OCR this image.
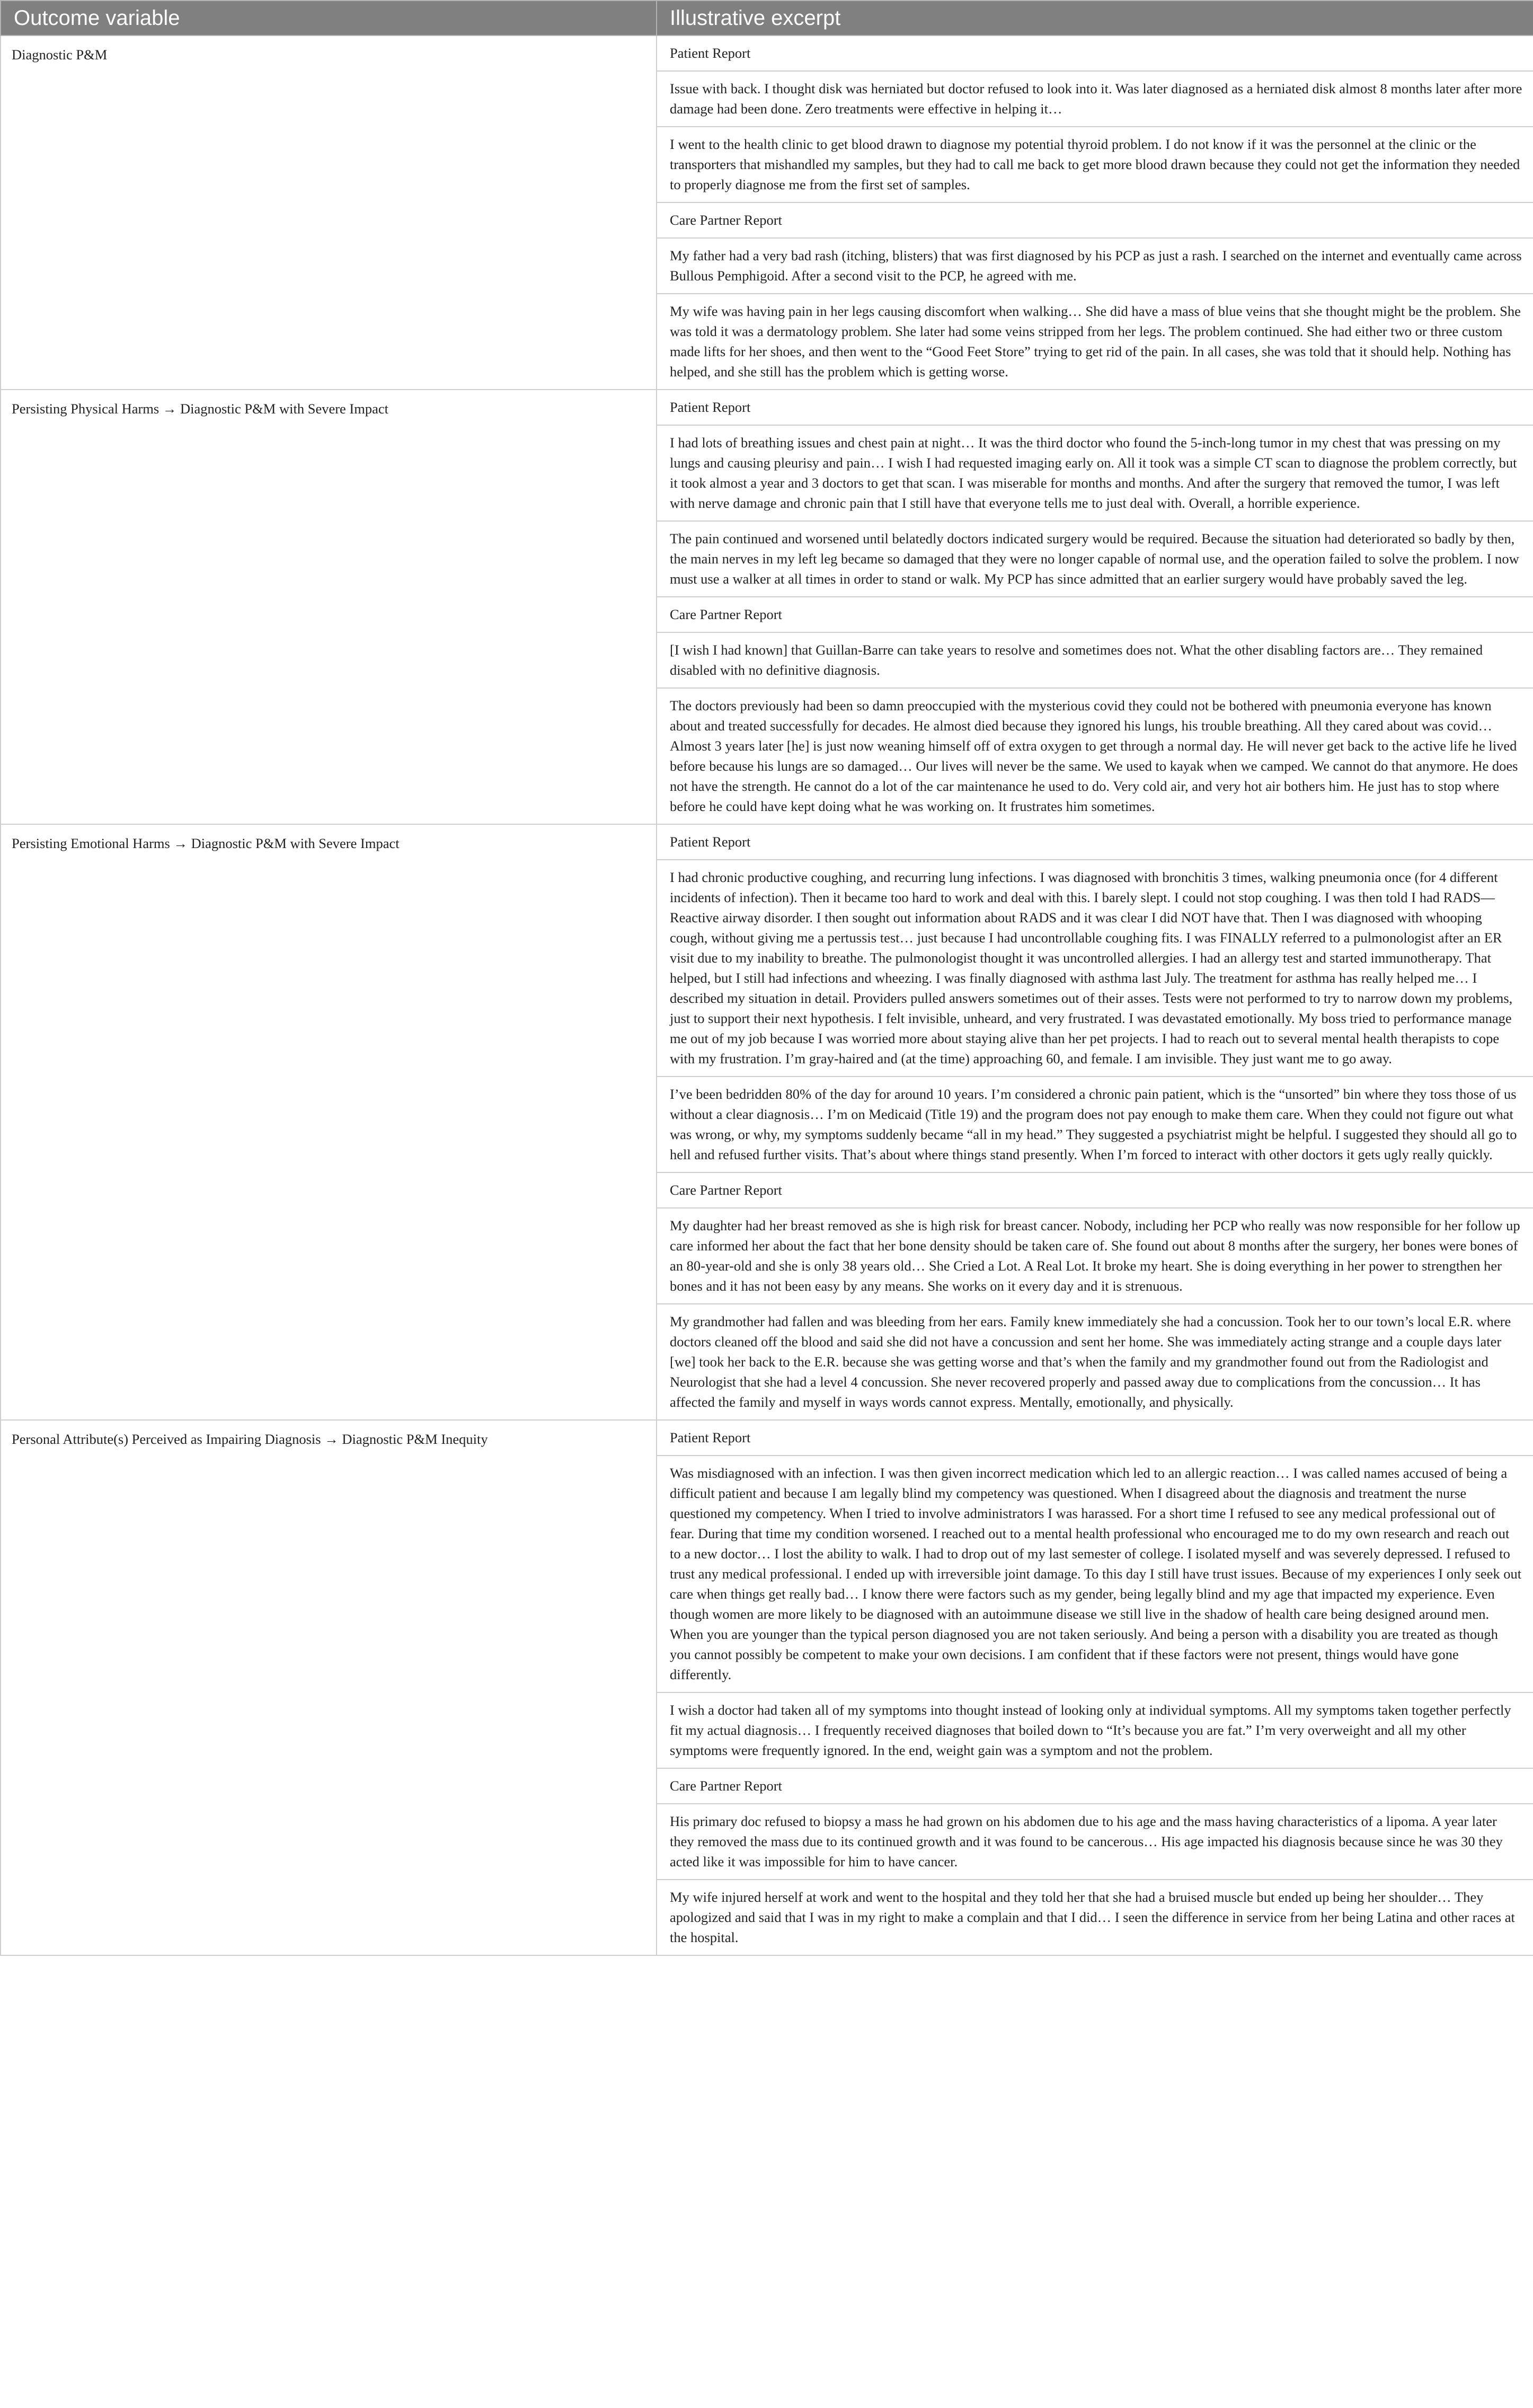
Outcome variable	Illustrative excerpt
Diagnostic P&M	Patient Report
	Issue with back. I thought disk was herniated but doctor refused to look into it. Was later diagnosed as a herniated disk almost 8 months later after more damage had been done. Zero treatments were effective in helping it…
	I went to the health clinic to get blood drawn to diagnose my potential thyroid problem. I do not know if it was the personnel at the clinic or the transporters that mishandled my samples, but they had to call me back to get more blood drawn because they could not get the information they needed to properly diagnose me from the first set of samples.
	Care Partner Report
	My father had a very bad rash (itching, blisters) that was first diagnosed by his PCP as just a rash. I searched on the internet and eventually came across Bullous Pemphigoid. After a second visit to the PCP, he agreed with me.
	My wife was having pain in her legs causing discomfort when walking… She did have a mass of blue veins that she thought might be the problem. She was told it was a dermatology problem. She later had some veins stripped from her legs. The problem continued. She had either two or three custom made lifts for her shoes, and then went to the “Good Feet Store” trying to get rid of the pain. In all cases, she was told that it should help. Nothing has helped, and she still has the problem which is getting worse.
Persisting Physical Harms → Diagnostic P&M with Severe Impact	Patient Report
	I had lots of breathing issues and chest pain at night… It was the third doctor who found the 5-inch-long tumor in my chest that was pressing on my lungs and causing pleurisy and pain… I wish I had requested imaging early on. All it took was a simple CT scan to diagnose the problem correctly, but it took almost a year and 3 doctors to get that scan. I was miserable for months and months. And after the surgery that removed the tumor, I was left with nerve damage and chronic pain that I still have that everyone tells me to just deal with. Overall, a horrible experience.
	The pain continued and worsened until belatedly doctors indicated surgery would be required. Because the situation had deteriorated so badly by then, the main nerves in my left leg became so damaged that they were no longer capable of normal use, and the operation failed to solve the problem. I now must use a walker at all times in order to stand or walk. My PCP has since admitted that an earlier surgery would have probably saved the leg.
	Care Partner Report
	[I wish I had known] that Guillan-Barre can take years to resolve and sometimes does not. What the other disabling factors are… They remained disabled with no definitive diagnosis.
	The doctors previously had been so damn preoccupied with the mysterious covid they could not be bothered with pneumonia everyone has known about and treated successfully for decades. He almost died because they ignored his lungs, his trouble breathing. All they cared about was covid… Almost 3 years later [he] is just now weaning himself off of extra oxygen to get through a normal day. He will never get back to the active life he lived before because his lungs are so damaged… Our lives will never be the same. We used to kayak when we camped. We cannot do that anymore. He does not have the strength. He cannot do a lot of the car maintenance he used to do. Very cold air, and very hot air bothers him. He just has to stop where before he could have kept doing what he was working on. It frustrates him sometimes.
Persisting Emotional Harms → Diagnostic P&M with Severe Impact	Patient Report
	I had chronic productive coughing, and recurring lung infections. I was diagnosed with bronchitis 3 times, walking pneumonia once (for 4 different incidents of infection). Then it became too hard to work and deal with this. I barely slept. I could not stop coughing. I was then told I had RADS—Reactive airway disorder. I then sought out information about RADS and it was clear I did NOT have that. Then I was diagnosed with whooping cough, without giving me a pertussis test… just because I had uncontrollable coughing fits. I was FINALLY referred to a pulmonologist after an ER visit due to my inability to breathe. The pulmonologist thought it was uncontrolled allergies. I had an allergy test and started immunotherapy. That helped, but I still had infections and wheezing. I was finally diagnosed with asthma last July. The treatment for asthma has really helped me… I described my situation in detail. Providers pulled answers sometimes out of their asses. Tests were not performed to try to narrow down my problems, just to support their next hypothesis. I felt invisible, unheard, and very frustrated. I was devastated emotionally. My boss tried to performance manage me out of my job because I was worried more about staying alive than her pet projects. I had to reach out to several mental health therapists to cope with my frustration. I’m gray-haired and (at the time) approaching 60, and female. I am invisible. They just want me to go away.
	I’ve been bedridden 80% of the day for around 10 years. I’m considered a chronic pain patient, which is the “unsorted” bin where they toss those of us without a clear diagnosis… I’m on Medicaid (Title 19) and the program does not pay enough to make them care. When they could not figure out what was wrong, or why, my symptoms suddenly became “all in my head.” They suggested a psychiatrist might be helpful. I suggested they should all go to hell and refused further visits. That’s about where things stand presently. When I’m forced to interact with other doctors it gets ugly really quickly.
	Care Partner Report
	My daughter had her breast removed as she is high risk for breast cancer. Nobody, including her PCP who really was now responsible for her follow up care informed her about the fact that her bone density should be taken care of. She found out about 8 months after the surgery, her bones were bones of an 80-year-old and she is only 38 years old… She Cried a Lot. A Real Lot. It broke my heart. She is doing everything in her power to strengthen her bones and it has not been easy by any means. She works on it every day and it is strenuous.
	My grandmother had fallen and was bleeding from her ears. Family knew immediately she had a concussion. Took her to our town’s local E.R. where doctors cleaned off the blood and said she did not have a concussion and sent her home. She was immediately acting strange and a couple days later [we] took her back to the E.R. because she was getting worse and that’s when the family and my grandmother found out from the Radiologist and Neurologist that she had a level 4 concussion. She never recovered properly and passed away due to complications from the concussion… It has affected the family and myself in ways words cannot express. Mentally, emotionally, and physically.
Personal Attribute(s) Perceived as Impairing Diagnosis → Diagnostic P&M Inequity	Patient Report
	Was misdiagnosed with an infection. I was then given incorrect medication which led to an allergic reaction… I was called names accused of being a difficult patient and because I am legally blind my competency was questioned. When I disagreed about the diagnosis and treatment the nurse questioned my competency. When I tried to involve administrators I was harassed. For a short time I refused to see any medical professional out of fear. During that time my condition worsened. I reached out to a mental health professional who encouraged me to do my own research and reach out to a new doctor… I lost the ability to walk. I had to drop out of my last semester of college. I isolated myself and was severely depressed. I refused to trust any medical professional. I ended up with irreversible joint damage. To this day I still have trust issues. Because of my experiences I only seek out care when things get really bad… I know there were factors such as my gender, being legally blind and my age that impacted my experience. Even though women are more likely to be diagnosed with an autoimmune disease we still live in the shadow of health care being designed around men. When you are younger than the typical person diagnosed you are not taken seriously. And being a person with a disability you are treated as though you cannot possibly be competent to make your own decisions. I am confident that if these factors were not present, things would have gone differently.
	I wish a doctor had taken all of my symptoms into thought instead of looking only at individual symptoms. All my symptoms taken together perfectly fit my actual diagnosis… I frequently received diagnoses that boiled down to “It’s because you are fat.” I’m very overweight and all my other symptoms were frequently ignored. In the end, weight gain was a symptom and not the problem.
	Care Partner Report
	His primary doc refused to biopsy a mass he had grown on his abdomen due to his age and the mass having characteristics of a lipoma. A year later they removed the mass due to its continued growth and it was found to be cancerous… His age impacted his diagnosis because since he was 30 they acted like it was impossible for him to have cancer.
	My wife injured herself at work and went to the hospital and they told her that she had a bruised muscle but ended up being her shoulder… They apologized and said that I was in my right to make a complain and that I did… I seen the difference in service from her being Latina and other races at the hospital.
